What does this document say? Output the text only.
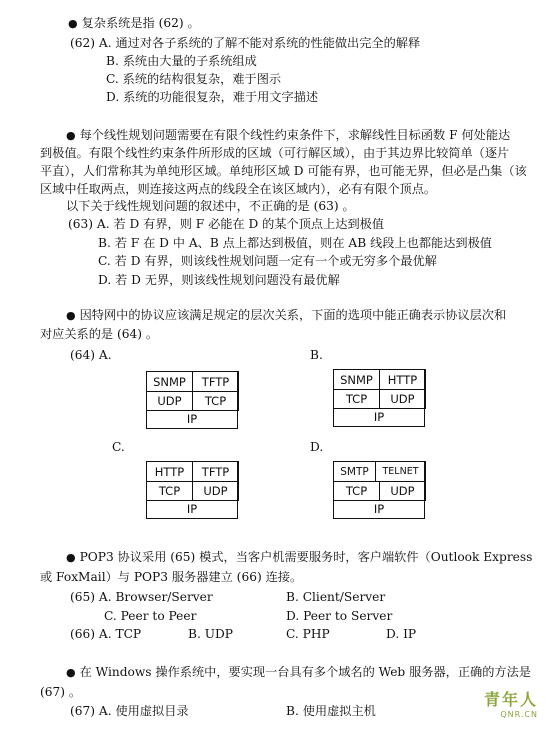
● 复杂系统是指 (62) 。
(62) A. 通过对各子系统的了解不能对系统的性能做出完全的解释
B. 系统由大量的子系统组成
C. 系统的结构很复杂，难于图示
D. 系统的功能很复杂，难于用文字描述
● 每个线性规划问题需要在有限个线性约束条件下，求解线性目标函数 F 何处能达
到极值。有限个线性约束条件所形成的区域（可行解区域），由于其边界比较简单（逐片
平直），人们常称其为单纯形区域。单纯形区域 D 可能有界，也可能无界，但必是凸集（该
区域中任取两点，则连接这两点的线段全在该区域内），必有有限个顶点。
以下关于线性规划问题的叙述中，不正确的是 (63) 。
(63) A. 若 D 有界，则 F 必能在 D 的某个顶点上达到极值
B. 若 F 在 D 中 A、B 点上都达到极值，则在 AB 线段上也都能达到极值
C. 若 D 有界，则该线性规划问题一定有一个或无穷多个最优解
D. 若 D 无界，则该线性规划问题没有最优解
● 因特网中的协议应该满足规定的层次关系，下面的选项中能正确表示协议层次和
对应关系的是 (64) 。
(64) A.	B.
C.	D.
SNMP	TFTP
UDP	TCP
IP
SNMP	HTTP
TCP	UDP
IP
HTTP	TFTP
TCP	UDP
IP
SMTP	TELNET
TCP	UDP
IP
● POP3 协议采用 (65) 模式，当客户机需要服务时，客户端软件（Outlook Express
或 FoxMail）与 POP3 服务器建立 (66) 连接。
(65) A. Browser/Server	B. Client/Server
C. Peer to Peer	D. Peer to Server
(66) A. TCP	B. UDP	C. PHP	D. IP
● 在 Windows 操作系统中，要实现一台具有多个域名的 Web 服务器，正确的方法是
(67) 。
(67) A. 使用虚拟目录	B. 使用虚拟主机
青年人
QNR.CN
